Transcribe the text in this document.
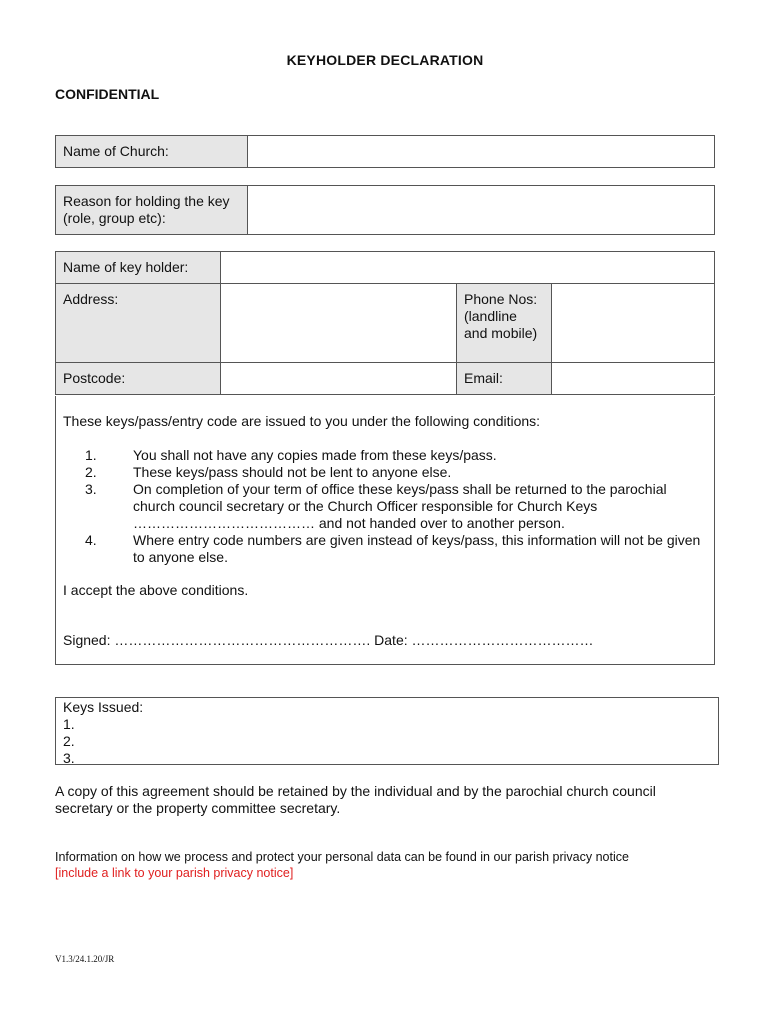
KEYHOLDER DECLARATION
CONFIDENTIAL
Name of Church:	
Reason for holding the key (role, group etc):	
Name of key holder:			
Address:		Phone Nos: (landline and mobile)	
Postcode:		Email:	
These keys/pass/entry code are issued to you under the following conditions:
1.	You shall not have any copies made from these keys/pass.
2.	These keys/pass should not be lent to anyone else.
3.	On completion of your term of office these keys/pass shall be returned to the parochial church council secretary or the Church Officer responsible for Church Keys ………………………………… and not handed over to another person.
4.	Where entry code numbers are given instead of keys/pass, this information will not be given to anyone else.
I accept the above conditions.
Signed: ………………………………………………. Date: …………………………………
Keys Issued:
1.
2.
3.
A copy of this agreement should be retained by the individual and by the parochial church council secretary or the property committee secretary.
Information on how we process and protect your personal data can be found in our parish privacy notice
[include a link to your parish privacy notice]
V1.3/24.1.20/JR
